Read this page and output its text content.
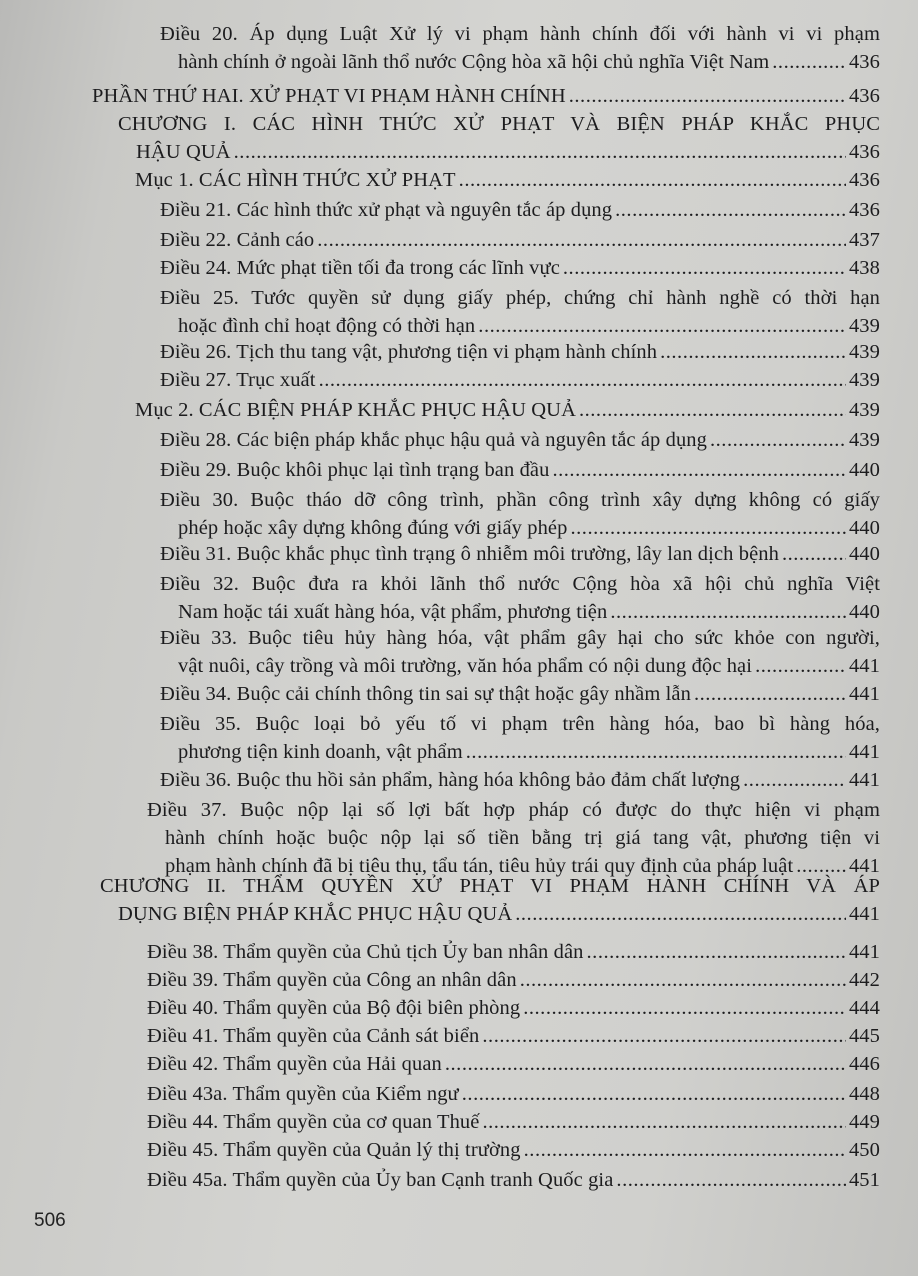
Điều 20. Áp dụng Luật Xử lý vi phạm hành chính đối với hành vi vi phạm
hành chính ở ngoài lãnh thổ nước Cộng hòa xã hội chủ nghĩa Việt Nam . . .	436
PHẦN THỨ HAI. XỬ PHẠT VI PHẠM HÀNH CHÍNH . . .	436
CHƯƠNG I. CÁC HÌNH THỨC XỬ PHẠT VÀ BIỆN PHÁP KHẮC PHỤC
HẬU QUẢ . . .	436
Mục 1. CÁC HÌNH THỨC XỬ PHẠT . . .	436
Điều 21. Các hình thức xử phạt và nguyên tắc áp dụng . . .	436
Điều 22. Cảnh cáo . . .	437
Điều 24. Mức phạt tiền tối đa trong các lĩnh vực . . .	438
Điều 25. Tước quyền sử dụng giấy phép, chứng chỉ hành nghề có thời hạn
hoặc đình chỉ hoạt động có thời hạn . . .	439
Điều 26. Tịch thu tang vật, phương tiện vi phạm hành chính . . .	439
Điều 27. Trục xuất . . .	439
Mục 2. CÁC BIỆN PHÁP KHẮC PHỤC HẬU QUẢ . . .	439
Điều 28. Các biện pháp khắc phục hậu quả và nguyên tắc áp dụng . . .	439
Điều 29. Buộc khôi phục lại tình trạng ban đầu . . .	440
Điều 30. Buộc tháo dỡ công trình, phần công trình xây dựng không có giấy
phép hoặc xây dựng không đúng với giấy phép . . .	440
Điều 31. Buộc khắc phục tình trạng ô nhiễm môi trường, lây lan dịch bệnh . . .	440
Điều 32. Buộc đưa ra khỏi lãnh thổ nước Cộng hòa xã hội chủ nghĩa Việt
Nam hoặc tái xuất hàng hóa, vật phẩm, phương tiện . . .	440
Điều 33. Buộc tiêu hủy hàng hóa, vật phẩm gây hại cho sức khỏe con người,
vật nuôi, cây trồng và môi trường, văn hóa phẩm có nội dung độc hại . . .	441
Điều 34. Buộc cải chính thông tin sai sự thật hoặc gây nhầm lẫn . . .	441
Điều 35. Buộc loại bỏ yếu tố vi phạm trên hàng hóa, bao bì hàng hóa,
phương tiện kinh doanh, vật phẩm . . .	441
Điều 36. Buộc thu hồi sản phẩm, hàng hóa không bảo đảm chất lượng . . .	441
Điều 37. Buộc nộp lại số lợi bất hợp pháp có được do thực hiện vi phạm
hành chính hoặc buộc nộp lại số tiền bằng trị giá tang vật, phương tiện vi
phạm hành chính đã bị tiêu thụ, tẩu tán, tiêu hủy trái quy định của pháp luật . . .	441
CHƯƠNG II. THẨM QUYỀN XỬ PHẠT VI PHẠM HÀNH CHÍNH VÀ ÁP
DỤNG BIỆN PHÁP KHẮC PHỤC HẬU QUẢ . . .	441
Điều 38. Thẩm quyền của Chủ tịch Ủy ban nhân dân . . .	441
Điều 39. Thẩm quyền của Công an nhân dân . . .	442
Điều 40. Thẩm quyền của Bộ đội biên phòng . . .	444
Điều 41. Thẩm quyền của Cảnh sát biển . . .	445
Điều 42. Thẩm quyền của Hải quan . . .	446
Điều 43a. Thẩm quyền của Kiểm ngư . . .	448
Điều 44. Thẩm quyền của cơ quan Thuế . . .	449
Điều 45. Thẩm quyền của Quản lý thị trường . . .	450
Điều 45a. Thẩm quyền của Ủy ban Cạnh tranh Quốc gia . . .	451
506
